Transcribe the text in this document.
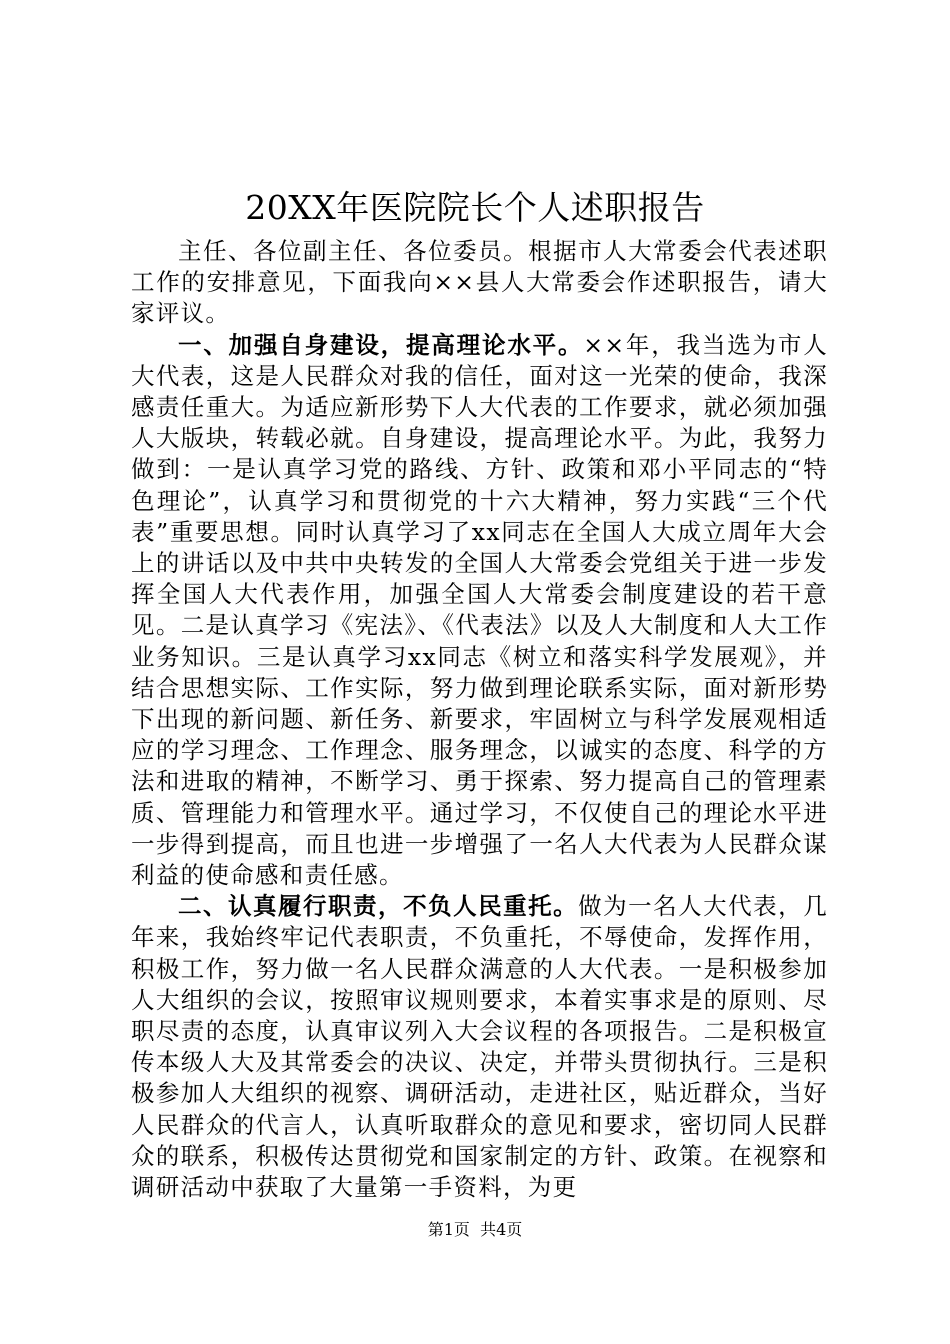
20XX年医院院长个人述职报告

主任、各位副主任、各位委员。根据市人大常委会代表述职工作的安排意见，下面我向××县人大常委会作述职报告，请大家评议。

一、加强自身建设，提高理论水平。××年，我当选为市人大代表，这是人民群众对我的信任，面对这一光荣的使命，我深感责任重大。为适应新形势下人大代表的工作要求，就必须加强人大版块，转载必就。自身建设，提高理论水平。为此，我努力做到：一是认真学习党的路线、方针、政策和邓小平同志的“特色理论”，认真学习和贯彻党的十六大精神，努力实践“三个代表”重要思想。同时认真学习了xx同志在全国人大成立周年大会上的讲话以及中共中央转发的全国人大常委会党组关于进一步发挥全国人大代表作用，加强全国人大常委会制度建设的若干意见。二是认真学习《宪法》、《代表法》以及人大制度和人大工作业务知识。三是认真学习xx同志《树立和落实科学发展观》，并结合思想实际、工作实际，努力做到理论联系实际，面对新形势下出现的新问题、新任务、新要求，牢固树立与科学发展观相适应的学习理念、工作理念、服务理念，以诚实的态度、科学的方法和进取的精神，不断学习、勇于探索、努力提高自己的管理素质、管理能力和管理水平。通过学习，不仅使自己的理论水平进一步得到提高，而且也进一步增强了一名人大代表为人民群众谋利益的使命感和责任感。

二、认真履行职责，不负人民重托。做为一名人大代表，几年来，我始终牢记代表职责，不负重托，不辱使命，发挥作用，积极工作，努力做一名人民群众满意的人大代表。一是积极参加人大组织的会议，按照审议规则要求，本着实事求是的原则、尽职尽责的态度，认真审议列入大会议程的各项报告。二是积极宣传本级人大及其常委会的决议、决定，并带头贯彻执行。三是积极参加人大组织的视察、调研活动，走进社区，贴近群众，当好人民群众的代言人，认真听取群众的意见和要求，密切同人民群众的联系，积极传达贯彻党和国家制定的方针、政策。在视察和调研活动中获取了大量第一手资料，为更

第1页 共4页
